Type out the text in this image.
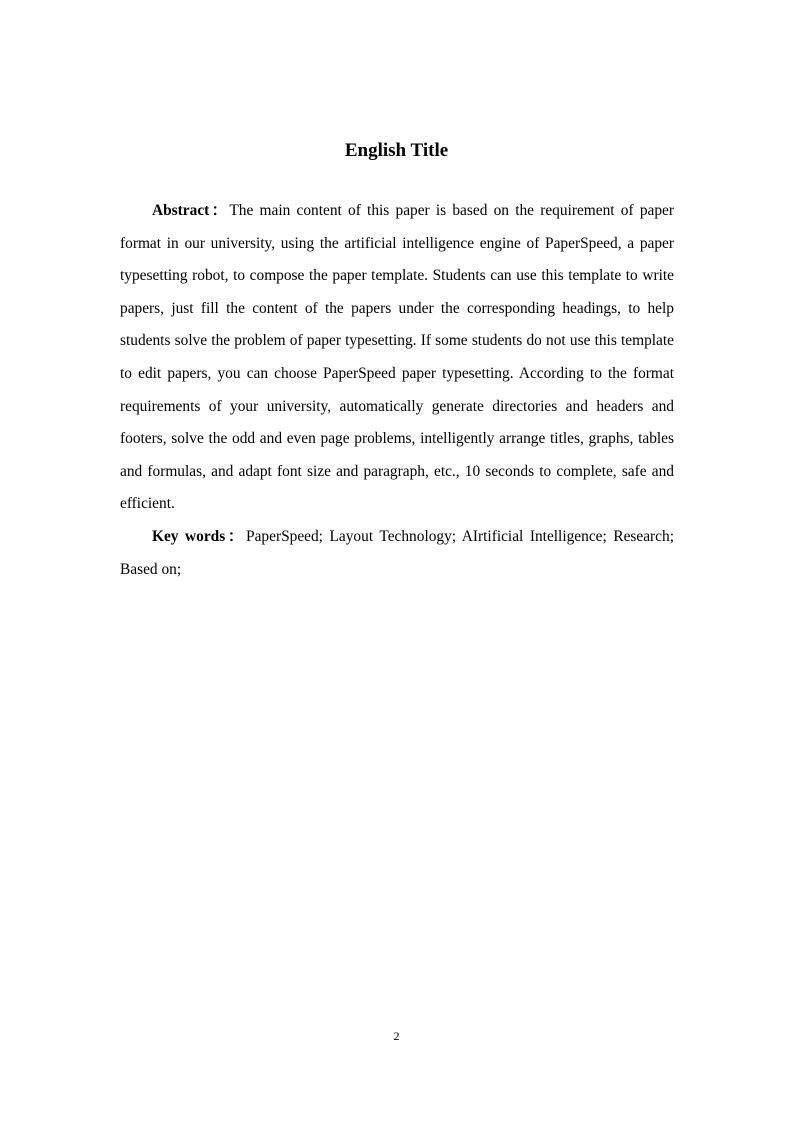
English Title

Abstract：The main content of this paper is based on the requirement of paper format in our university, using the artificial intelligence engine of PaperSpeed, a paper typesetting robot, to compose the paper template. Students can use this template to write papers, just fill the content of the papers under the corresponding headings, to help students solve the problem of paper typesetting. If some students do not use this template to edit papers, you can choose PaperSpeed paper typesetting. According to the format requirements of your university, automatically generate directories and headers and footers, solve the odd and even page problems, intelligently arrange titles, graphs, tables and formulas, and adapt font size and paragraph, etc., 10 seconds to complete, safe and efficient.

Key words：PaperSpeed; Layout Technology; AIrtificial Intelligence; Research; Based on;

2
